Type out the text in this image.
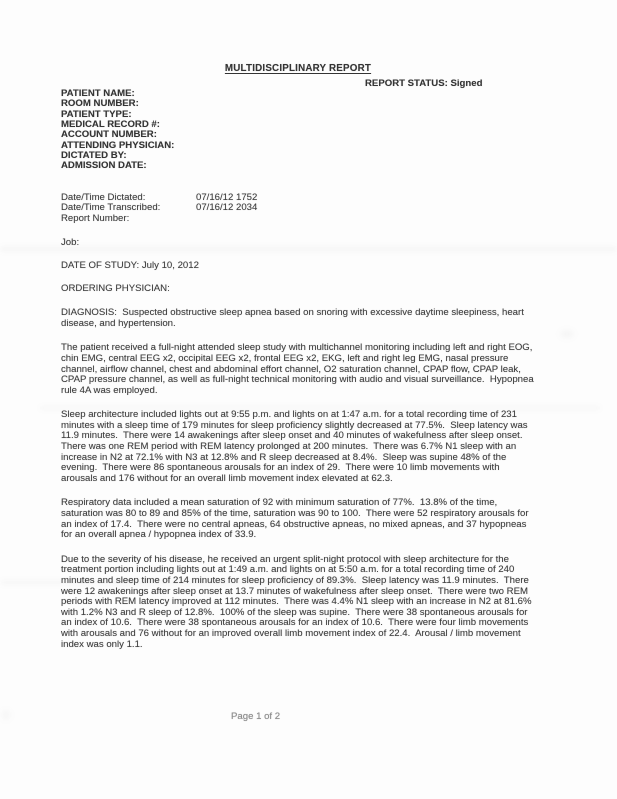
MULTIDISCIPLINARY REPORT
REPORT STATUS: Signed
PATIENT NAME:
ROOM NUMBER:
PATIENT TYPE:
MEDICAL RECORD #:
ACCOUNT NUMBER:
ATTENDING PHYSICIAN:
DICTATED BY:
ADMISSION DATE:
Date/Time Dictated:	07/16/12 1752
Date/Time Transcribed:	07/16/12 2034
Report Number:
Job:
DATE OF STUDY: July 10, 2012
ORDERING PHYSICIAN:

DIAGNOSIS:  Suspected obstructive sleep apnea based on snoring with excessive daytime sleepiness, heart disease, and hypertension.

The patient received a full-night attended sleep study with multichannel monitoring including left and right EOG, chin EMG, central EEG x2, occipital EEG x2, frontal EEG x2, EKG, left and right leg EMG, nasal pressure channel, airflow channel, chest and abdominal effort channel, O2 saturation channel, CPAP flow, CPAP leak, CPAP pressure channel, as well as full-night technical monitoring with audio and visual surveillance.  Hypopnea rule 4A was employed.

Sleep architecture included lights out at 9:55 p.m. and lights on at 1:47 a.m. for a total recording time of 231 minutes with a sleep time of 179 minutes for sleep proficiency slightly decreased at 77.5%.  Sleep latency was 11.9 minutes.  There were 14 awakenings after sleep onset and 40 minutes of wakefulness after sleep onset.  There was one REM period with REM latency prolonged at 200 minutes.  There was 6.7% N1 sleep with an increase in N2 at 72.1% with N3 at 12.8% and R sleep decreased at 8.4%.  Sleep was supine 48% of the evening.  There were 86 spontaneous arousals for an index of 29.  There were 10 limb movements with arousals and 176 without for an overall limb movement index elevated at 62.3.

Respiratory data included a mean saturation of 92 with minimum saturation of 77%.  13.8% of the time, saturation was 80 to 89 and 85% of the time, saturation was 90 to 100.  There were 52 respiratory arousals for an index of 17.4.  There were no central apneas, 64 obstructive apneas, no mixed apneas, and 37 hypopneas for an overall apnea / hypopnea index of 33.9.

Due to the severity of his disease, he received an urgent split-night protocol with sleep architecture for the treatment portion including lights out at 1:49 a.m. and lights on at 5:50 a.m. for a total recording time of 240 minutes and sleep time of 214 minutes for sleep proficiency of 89.3%.  Sleep latency was 11.9 minutes.  There were 12 awakenings after sleep onset at 13.7 minutes of wakefulness after sleep onset.  There were two REM periods with REM latency improved at 112 minutes.  There was 4.4% N1 sleep with an increase in N2 at 81.6% with 1.2% N3 and R sleep of 12.8%.  100% of the sleep was supine.  There were 38 spontaneous arousals for an index of 10.6.  There were 38 spontaneous arousals for an index of 10.6.  There were four limb movements with arousals and 76 without for an improved overall limb movement index of 22.4.  Arousal / limb movement index was only 1.1.

Page 1 of 2
